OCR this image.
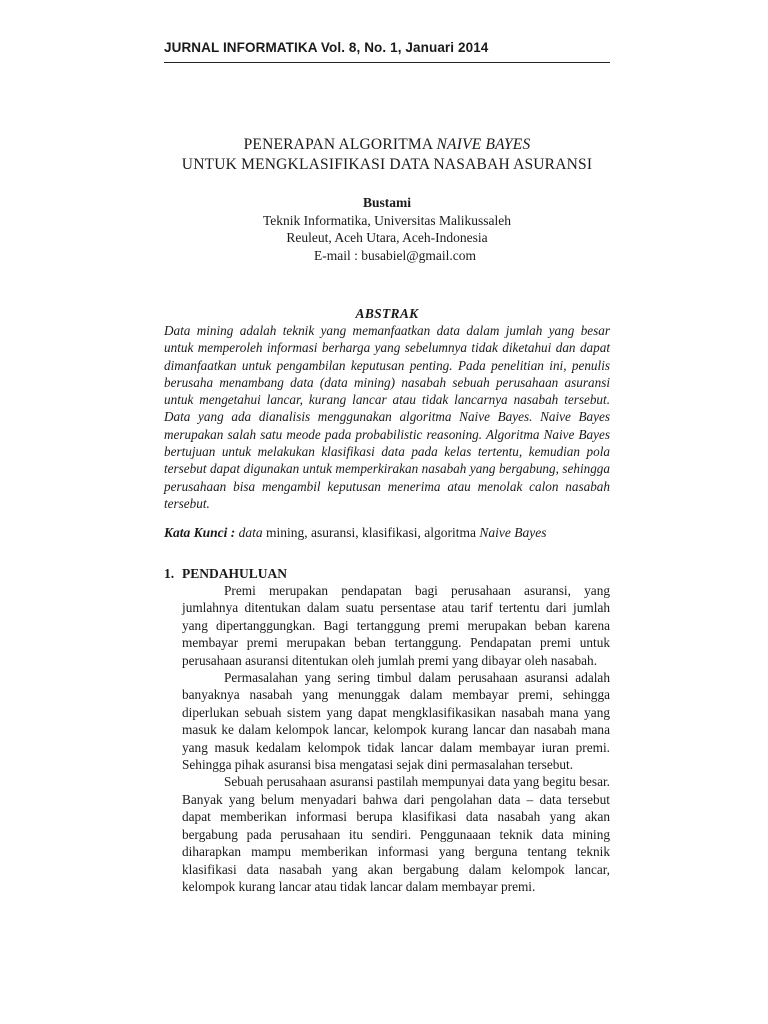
JURNAL INFORMATIKA Vol. 8, No. 1, Januari 2014
PENERAPAN ALGORITMA NAIVE BAYES
UNTUK MENGKLASIFIKASI DATA NASABAH ASURANSI
Bustami
Teknik Informatika, Universitas Malikussaleh
Reuleut, Aceh Utara, Aceh-Indonesia
E-mail : busabiel@gmail.com
ABSTRAK
Data mining adalah teknik yang memanfaatkan data dalam jumlah yang besar untuk memperoleh informasi berharga yang sebelumnya tidak diketahui dan dapat dimanfaatkan untuk pengambilan keputusan penting. Pada penelitian ini, penulis berusaha menambang data (data mining) nasabah sebuah perusahaan asuransi untuk mengetahui lancar, kurang lancar atau tidak lancarnya nasabah tersebut. Data yang ada dianalisis menggunakan algoritma Naive Bayes. Naive Bayes merupakan salah satu meode pada probabilistic reasoning. Algoritma Naive Bayes bertujuan untuk melakukan klasifikasi data pada kelas tertentu, kemudian pola tersebut dapat digunakan untuk memperkirakan nasabah yang bergabung, sehingga perusahaan bisa mengambil keputusan menerima atau menolak calon nasabah tersebut.
Kata Kunci : data mining, asuransi, klasifikasi, algoritma Naive Bayes
1. PENDAHULUAN

Premi merupakan pendapatan bagi perusahaan asuransi, yang jumlahnya ditentukan dalam suatu persentase atau tarif tertentu dari jumlah yang dipertanggungkan. Bagi tertanggung premi merupakan beban karena membayar premi merupakan beban tertanggung. Pendapatan premi untuk perusahaan asuransi ditentukan oleh jumlah premi yang dibayar oleh nasabah.

Permasalahan yang sering timbul dalam perusahaan asuransi adalah banyaknya nasabah yang menunggak dalam membayar premi, sehingga diperlukan sebuah sistem yang dapat mengklasifikasikan nasabah mana yang masuk ke dalam kelompok lancar, kelompok kurang lancar dan nasabah mana yang masuk kedalam kelompok tidak lancar dalam membayar iuran premi. Sehingga pihak asuransi bisa mengatasi sejak dini permasalahan tersebut.

Sebuah perusahaan asuransi pastilah mempunyai data yang begitu besar. Banyak yang belum menyadari bahwa dari pengolahan data – data tersebut dapat memberikan informasi berupa klasifikasi data nasabah yang akan bergabung pada perusahaan itu sendiri. Penggunaaan teknik data mining diharapkan mampu memberikan informasi yang berguna tentang teknik klasifikasi data nasabah yang akan bergabung dalam kelompok lancar, kelompok kurang lancar atau tidak lancar dalam membayar premi.
